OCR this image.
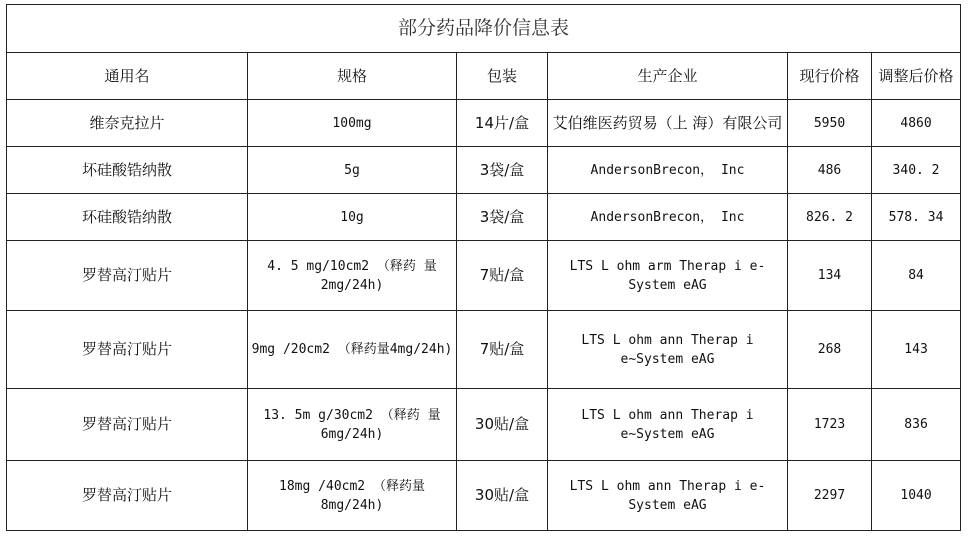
部分药品降价信息表					
通用名	规格	包装	生产企业	现行价格	调整后价格
维奈克拉片	100mg	14片/盒	艾伯维医药贸易（上 海）有限公司	5950	4860
坏硅酸锆纳散	5g	3袋/盒	AndersonBrecon， Inc	486	340. 2
环硅酸锆纳散	10g	3袋/盒	AndersonBrecon， Inc	826. 2	578. 34
罗替高汀贴片	4. 5 mg/10cm2 （释药 量2mg/24h)	7贴/盒	LTS L ohm arm Therap i e-System eAG	134	84
罗替高汀贴片	9mg /20cm2 （释药量4mg/24h)	7贴/盒	LTS L ohm ann Therap i e~System eAG	268	143
罗替高汀贴片	13. 5m g/30cm2 （释药 量6mg/24h)	30贴/盒	LTS L ohm ann Therap i e~System eAG	1723	836
罗替高汀贴片	18mg /40cm2 （释药量8mg/24h)	30贴/盒	LTS L ohm ann Therap i e-System eAG	2297	1040
